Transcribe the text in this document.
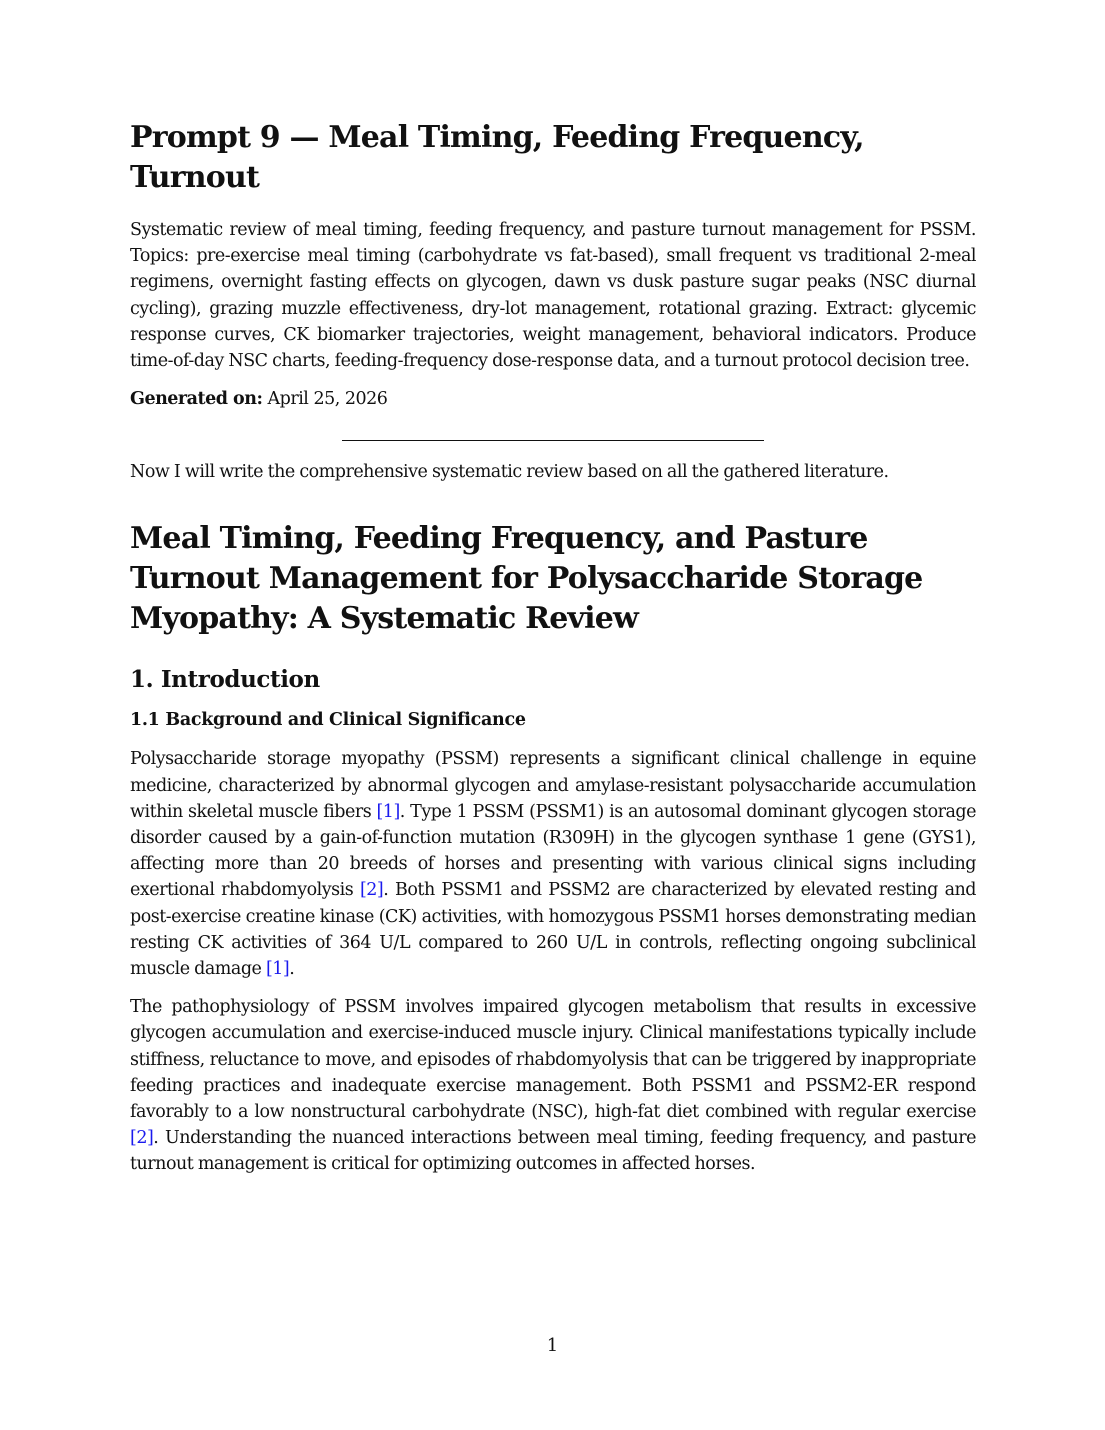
Prompt 9 — Meal Timing, Feeding Frequency, Turnout

Systematic review of meal timing, feeding frequency, and pasture turnout management for PSSM. Topics: pre-exercise meal timing (carbohydrate vs fat-based), small frequent vs traditional 2-meal regimens, overnight fasting effects on glycogen, dawn vs dusk pasture sugar peaks (NSC diurnal cycling), grazing muzzle effectiveness, dry-lot management, rotational grazing. Extract: glycemic response curves, CK biomarker trajectories, weight management, behavioral indicators. Produce time-of-day NSC charts, feeding-frequency dose-response data, and a turnout protocol decision tree.

Generated on: April 25, 2026

Now I will write the comprehensive systematic review based on all the gathered literature.

Meal Timing, Feeding Frequency, and Pasture Turnout Management for Polysaccharide Storage Myopathy: A Systematic Review
1. Introduction
1.1 Background and Clinical Significance

Polysaccharide storage myopathy (PSSM) represents a significant clinical challenge in equine medicine, characterized by abnormal glycogen and amylase-resistant polysaccharide accumulation within skeletal muscle fibers [1]. Type 1 PSSM (PSSM1) is an autosomal dominant glycogen storage disorder caused by a gain-of-function mutation (R309H) in the glycogen synthase 1 gene (GYS1), affecting more than 20 breeds of horses and presenting with various clinical signs including exertional rhabdomyolysis [2]. Both PSSM1 and PSSM2 are characterized by elevated resting and post-exercise creatine kinase (CK) activities, with homozygous PSSM1 horses demonstrating median resting CK activities of 364 U/L compared to 260 U/L in controls, reflecting ongoing subclinical muscle damage [1].

The pathophysiology of PSSM involves impaired glycogen metabolism that results in excessive glycogen accumulation and exercise-induced muscle injury. Clinical manifestations typically include stiffness, reluctance to move, and episodes of rhabdomyolysis that can be triggered by inappropriate feeding practices and inadequate exercise management. Both PSSM1 and PSSM2-ER respond favorably to a low nonstructural carbohydrate (NSC), high-fat diet combined with regular exercise [2]. Understanding the nuanced interactions between meal timing, feeding frequency, and pasture turnout management is critical for optimizing outcomes in affected horses.

1
